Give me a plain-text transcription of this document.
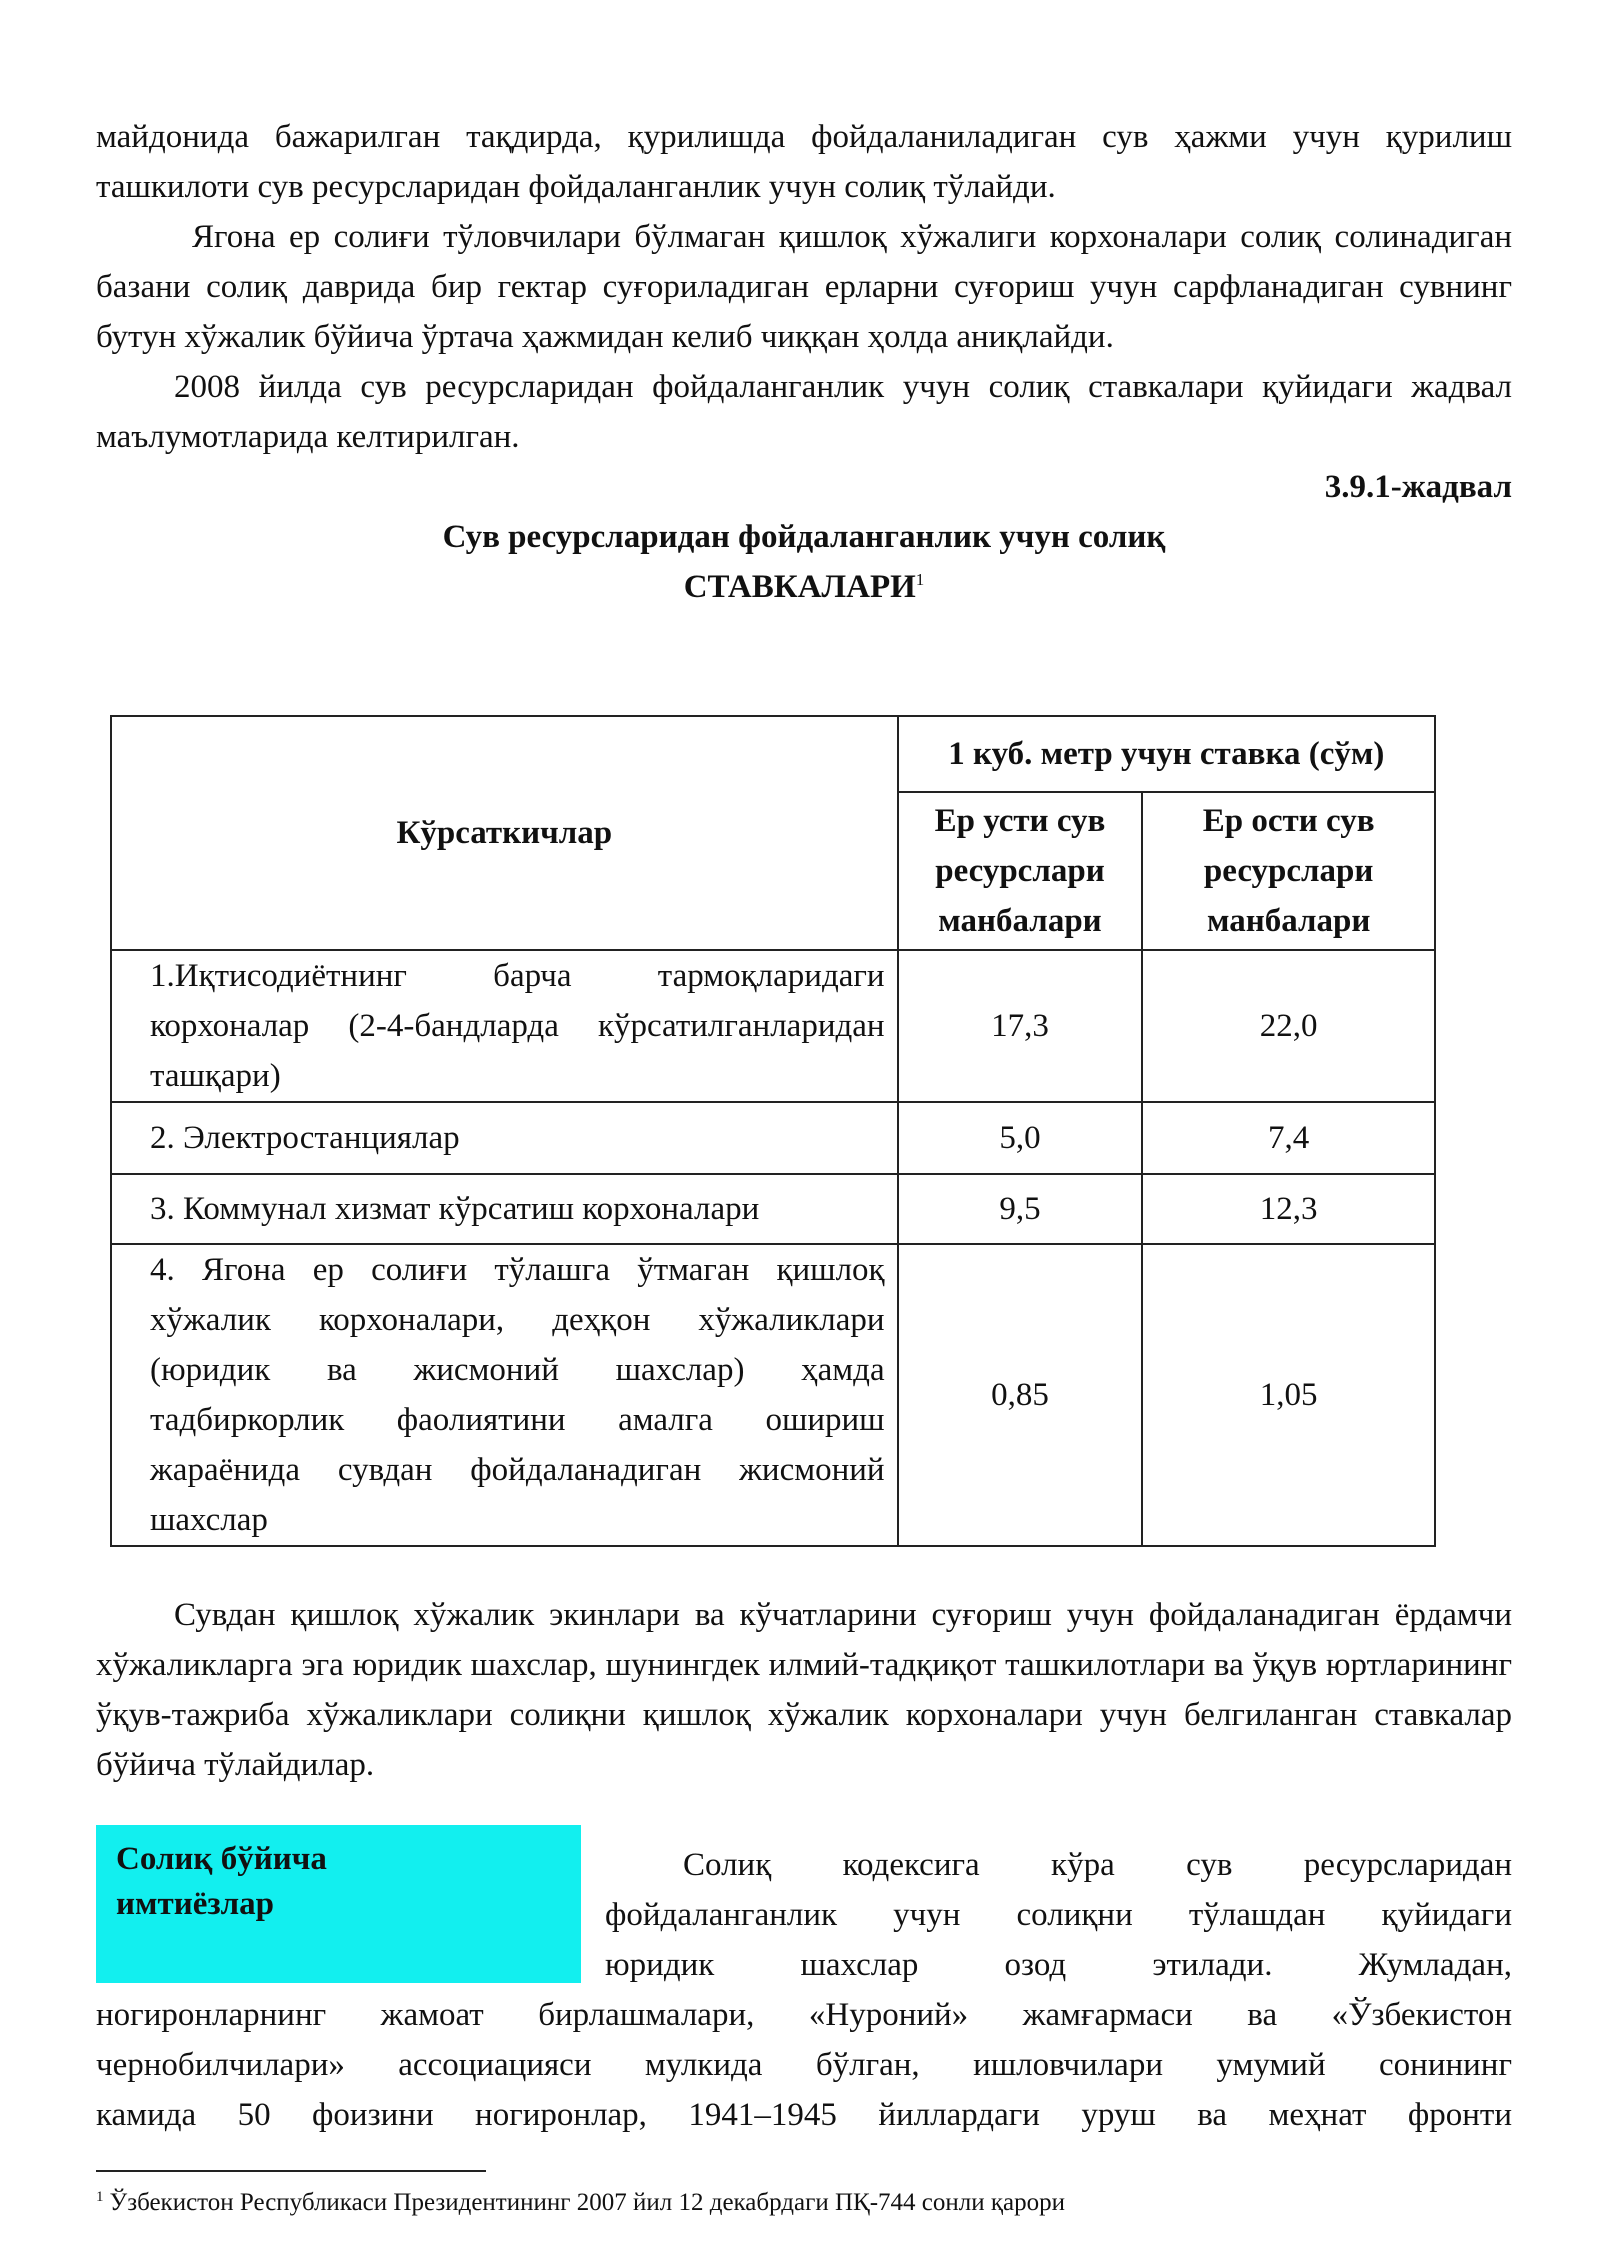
майдонида бажарилган тақдирда, қурилишда фойдаланиладиган сув ҳажми учун қурилиш ташкилоти сув ресурсларидан фойдаланганлик учун солиқ тўлайди.

Ягона ер солиғи тўловчилари бўлмаган қишлоқ хўжалиги корхоналари солиқ солинадиган базани солиқ даврида бир гектар суғориладиган ерларни суғориш учун сарфланадиган сувнинг бутун хўжалик бўйича ўртача ҳажмидан келиб чиққан ҳолда аниқлайди.

2008 йилда сув ресурсларидан фойдаланганлик учун солиқ ставкалари қуйидаги жадвал маълумотларида келтирилган.

3.9.1-жадвал
Сув ресурсларидан фойдаланганлик учун солиқ
СТАВКАЛАРИ$^1$
Кўрсаткичлар	1 куб. метр учун ставка (сўм)	
	Ер усти сув ресурслари манбалари	Ер ости сув ресурслари манбалари
1.Иқтисодиётнинг барча тармоқларидаги корхоналар (2-4-бандларда кўрсатилганларидан ташқари)	17,3	22,0
2. Электростанциялар	5,0	7,4
3. Коммунал хизмат кўрсатиш корхоналари	9,5	12,3
4. Ягона ер солиғи тўлашга ўтмаган қишлоқ хўжалик корхоналари, деҳқон хўжаликлари (юридик ва жисмоний шахслар) ҳамда тадбиркорлик фаолиятини амалга ошириш жараёнида сувдан фойдаланадиган жисмоний шахслар	0,85	1,05

Сувдан қишлоқ хўжалик экинлари ва кўчатларини суғориш учун фойдаланадиган ёрдамчи хўжаликларга эга юридик шахслар, шунингдек илмий-тадқиқот ташкилотлари ва ўқув юртларининг ўқув-тажриба хўжаликлари солиқни қишлоқ хўжалик корхоналари учун белгиланган ставкалар бўйича тўлайдилар.

Солиқ бўйича
имтиёзлар
Солиқ кодексига кўра сув ресурсларидан
фойдаланганлик учун солиқни тўлашдан қуйидаги
юридик шахслар озод этилади. Жумладан,
ногиронларнинг жамоат бирлашмалари, «Нуроний» жамғармаси ва «Ўзбекистон
чернобилчилари» ассоциацияси мулкида бўлган, ишловчилари умумий сонининг
камида 50 фоизини ногиронлар, 1941–1945 йиллардаги уруш ва меҳнат фронти
$^1$ Ўзбекистон Республикаси Президентининг 2007 йил 12 декабрдаги ПҚ-744 сонли қарори
